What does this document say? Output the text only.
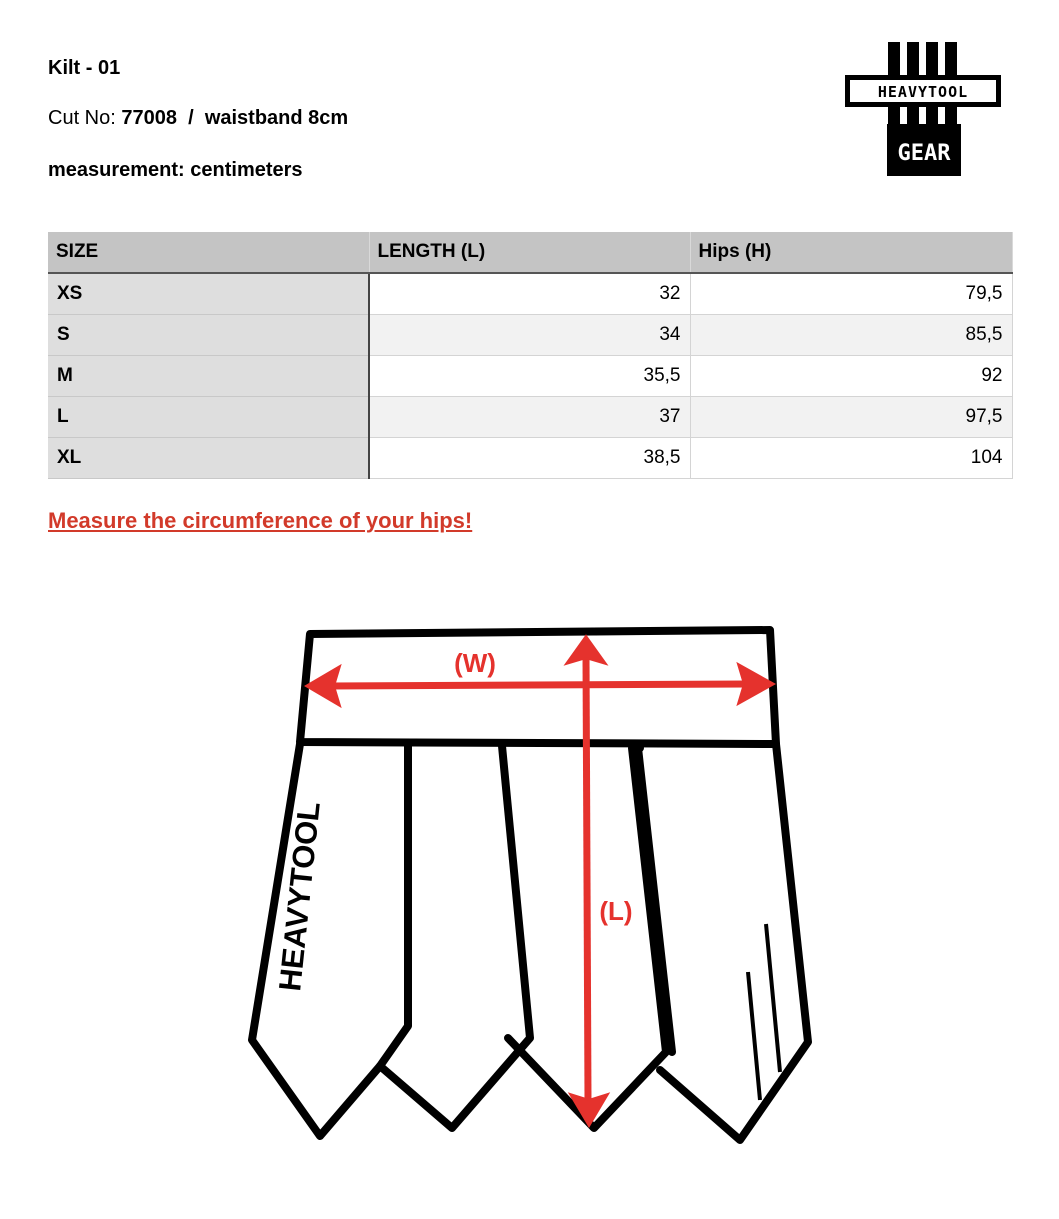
Kilt - 01
Cut No: 77008 / waistband 8cm
measurement: centimeters
HEAVYTOOL
GEAR
SIZE	LENGTH (L)	Hips (H)
XS	32	79,5
S	34	85,5
M	35,5	92
L	37	97,5
XL	38,5	104
Measure the circumference of your hips!
HEAVYTOOL
(W)
(L)
